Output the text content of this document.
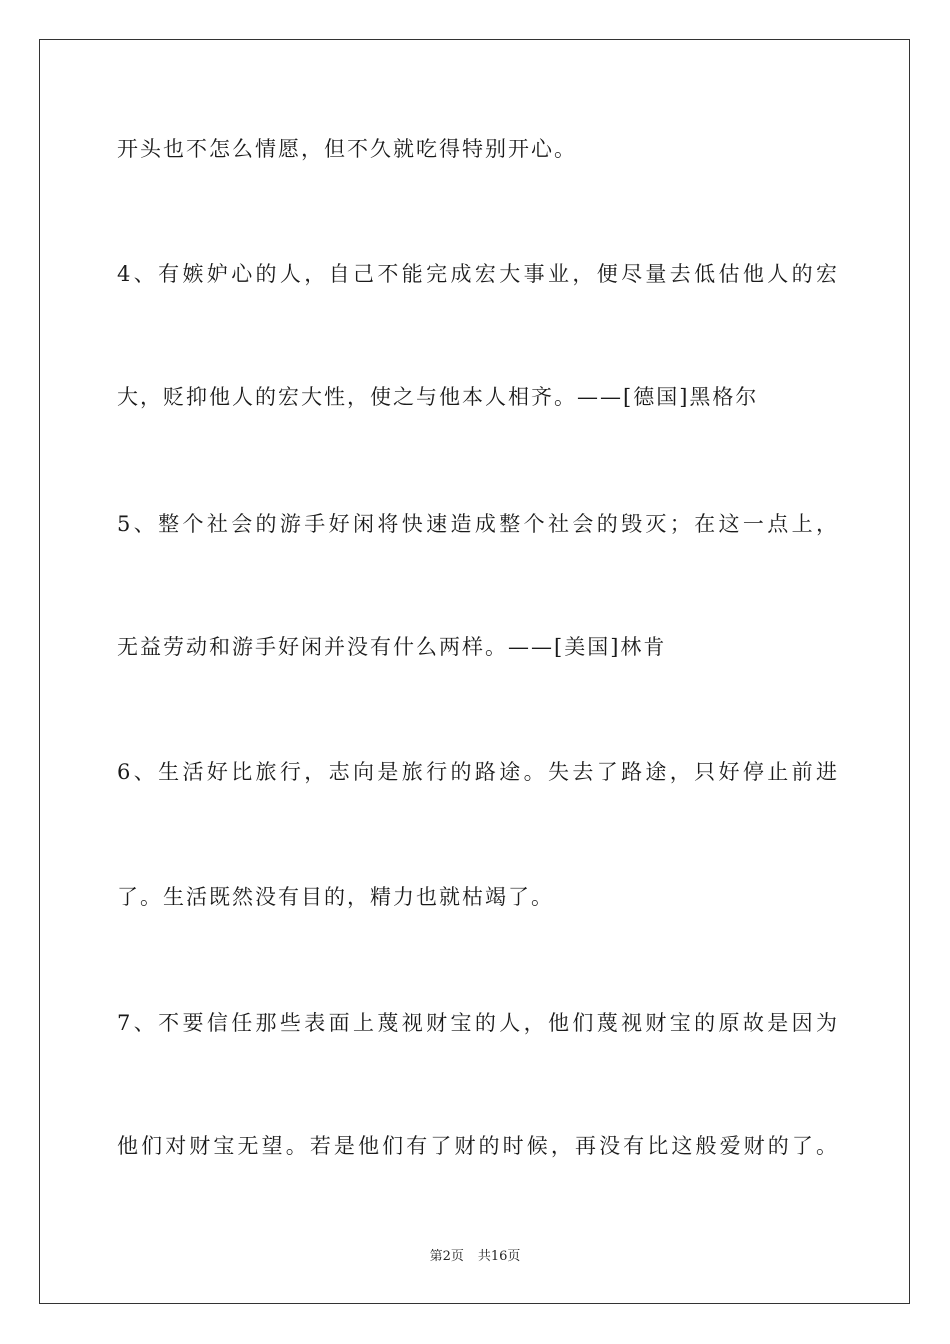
开头也不怎么情愿，但不久就吃得特别开心。
4、有嫉妒心的人，自己不能完成宏大事业，便尽量去低估他人的宏
大，贬抑他人的宏大性，使之与他本人相齐。——[德国]黑格尔
5、整个社会的游手好闲将快速造成整个社会的毁灭；在这一点上，
无益劳动和游手好闲并没有什么两样。——[美国]林肯
6、生活好比旅行，志向是旅行的路途。失去了路途，只好停止前进
了。生活既然没有目的，精力也就枯竭了。
7、不要信任那些表面上蔑视财宝的人，他们蔑视财宝的原故是因为
他们对财宝无望。若是他们有了财的时候，再没有比这般爱财的了。
第2页 共16页
